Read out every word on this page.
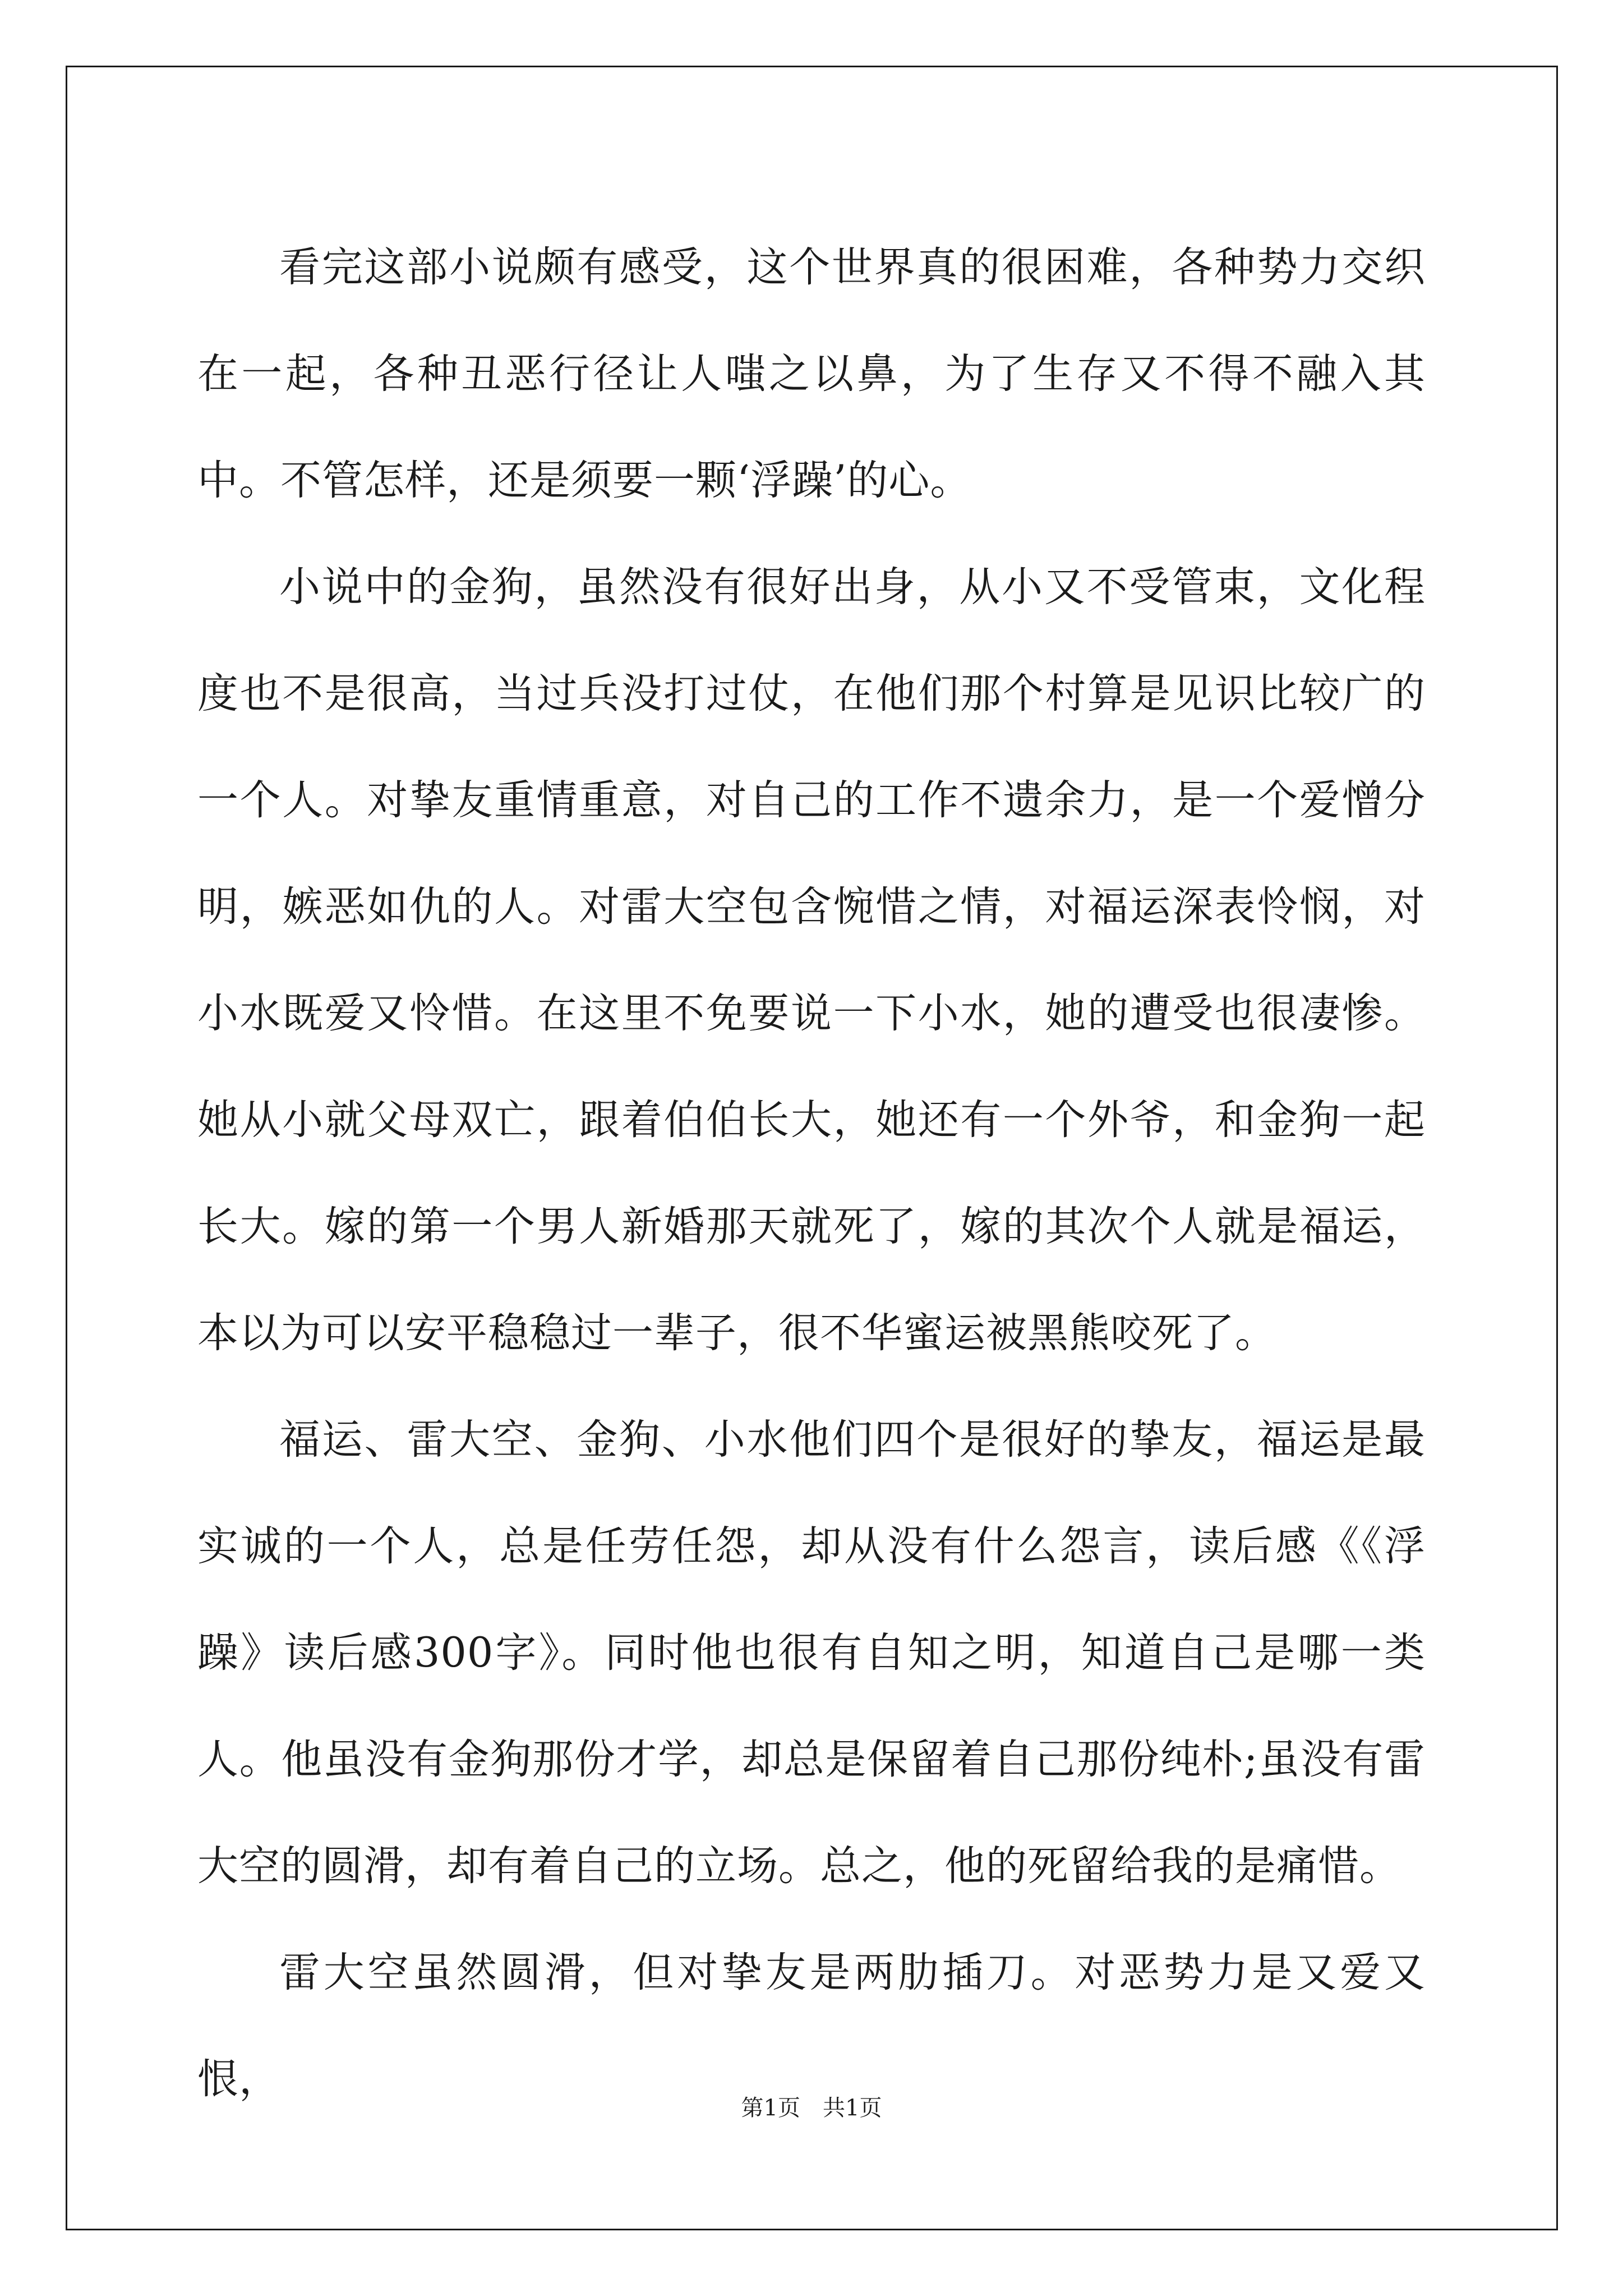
看完这部小说颇有感受，这个世界真的很困难，各种势力交织在一起，各种丑恶行径让人嗤之以鼻，为了生存又不得不融入其中。不管怎样，还是须要一颗‘浮躁’的心。

小说中的金狗，虽然没有很好出身，从小又不受管束，文化程度也不是很高，当过兵没打过仗，在他们那个村算是见识比较广的一个人。对挚友重情重意，对自己的工作不遗余力，是一个爱憎分明，嫉恶如仇的人。对雷大空包含惋惜之情，对福运深表怜悯，对小水既爱又怜惜。在这里不免要说一下小水，她的遭受也很凄惨。她从小就父母双亡，跟着伯伯长大，她还有一个外爷，和金狗一起长大。嫁的第一个男人新婚那天就死了，嫁的其次个人就是福运，本以为可以安平稳稳过一辈子，很不华蜜运被黑熊咬死了。

福运、雷大空、金狗、小水他们四个是很好的挚友，福运是最实诚的一个人，总是任劳任怨，却从没有什么怨言，读后感《《浮躁》读后感300字》。同时他也很有自知之明，知道自己是哪一类人。他虽没有金狗那份才学，却总是保留着自己那份纯朴;虽没有雷大空的圆滑，却有着自己的立场。总之，他的死留给我的是痛惜。

雷大空虽然圆滑，但对挚友是两肋插刀。对恶势力是又爱又恨，

第1页　共1页
